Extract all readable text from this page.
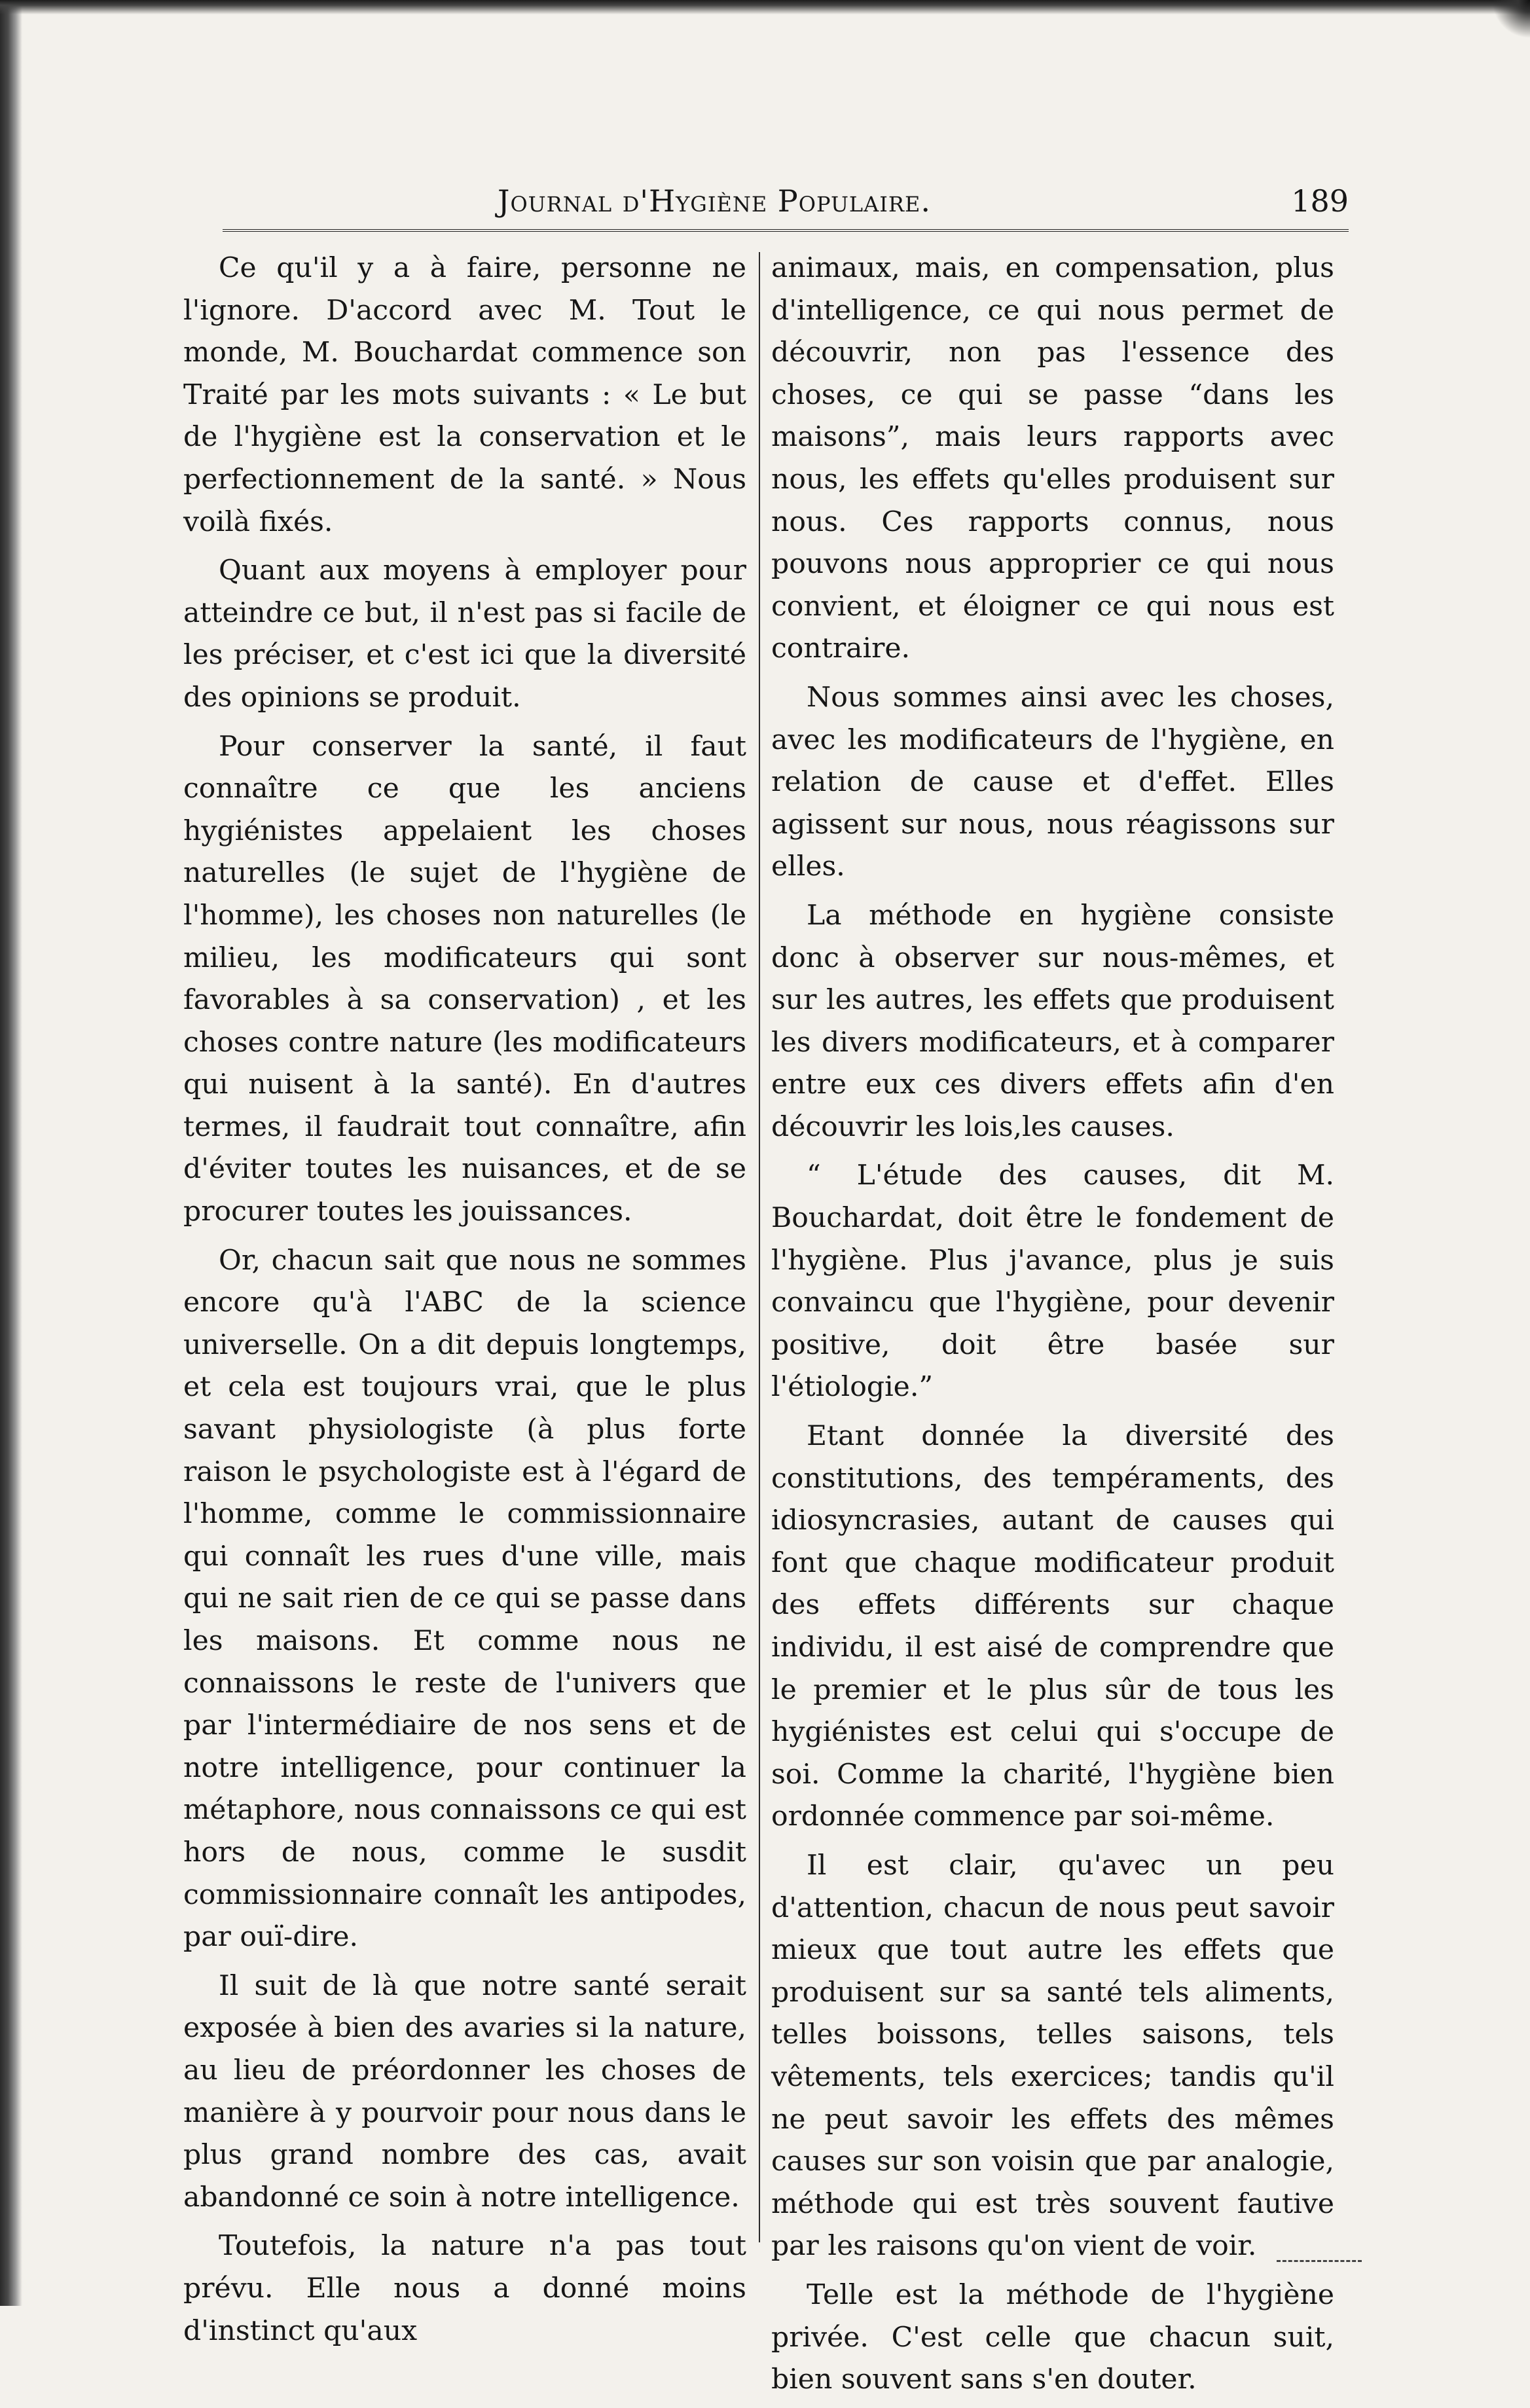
Journal d'Hygiène Populaire.	189

Ce qu'il y a à faire, personne ne l'ignore. D'accord avec M. Tout le monde, M. Bouchardat commence son Traité par les mots suivants : « Le but de l'hygiène est la conservation et le perfectionnement de la santé. » Nous voilà fixés.

Quant aux moyens à employer pour atteindre ce but, il n'est pas si facile de les préciser, et c'est ici que la diversité des opinions se produit.

Pour conserver la santé, il faut connaître ce que les anciens hygiénistes appelaient les choses naturelles (le sujet de l'hygiène de l'homme), les choses non naturelles (le milieu, les modificateurs qui sont favorables à sa conservation) , et les choses contre nature (les modificateurs qui nuisent à la santé). En d'autres termes, il faudrait tout connaître, afin d'éviter toutes les nuisances, et de se procurer toutes les jouissances.

Or, chacun sait que nous ne sommes encore qu'à l'ABC de la science universelle. On a dit depuis longtemps, et cela est toujours vrai, que le plus savant physiologiste (à plus forte raison le psychologiste est à l'égard de l'homme, comme le commissionnaire qui connaît les rues d'une ville, mais qui ne sait rien de ce qui se passe dans les maisons. Et comme nous ne connaissons le reste de l'univers que par l'intermédiaire de nos sens et de notre intelligence, pour continuer la métaphore, nous connaissons ce qui est hors de nous, comme le susdit commissionnaire connaît les antipodes, par ouï-dire.

Il suit de là que notre santé serait exposée à bien des avaries si la nature, au lieu de préordonner les choses de manière à y pourvoir pour nous dans le plus grand nombre des cas, avait abandonné ce soin à notre intelligence.

Toutefois, la nature n'a pas tout prévu. Elle nous a donné moins d'instinct qu'aux

animaux, mais, en compensation, plus d'intelligence, ce qui nous permet de découvrir, non pas l'essence des choses, ce qui se passe “dans les maisons”, mais leurs rapports avec nous, les effets qu'elles produisent sur nous. Ces rapports connus, nous pouvons nous approprier ce qui nous convient, et éloigner ce qui nous est contraire.

Nous sommes ainsi avec les choses, avec les modificateurs de l'hygiène, en relation de cause et d'effet. Elles agissent sur nous, nous réagissons sur elles.

La méthode en hygiène consiste donc à observer sur nous-mêmes, et sur les autres, les effets que produisent les divers modificateurs, et à comparer entre eux ces divers effets afin d'en découvrir les lois,les causes.

“ L'étude des causes, dit M. Bouchardat, doit être le fondement de l'hygiène. Plus j'avance, plus je suis convaincu que l'hygiène, pour devenir positive, doit être basée sur l'étiologie.”

Etant donnée la diversité des constitutions, des tempéraments, des idiosyncrasies, autant de causes qui font que chaque modificateur produit des effets différents sur chaque individu, il est aisé de comprendre que le premier et le plus sûr de tous les hygiénistes est celui qui s'occupe de soi. Comme la charité, l'hygiène bien ordonnée commence par soi-même.

Il est clair, qu'avec un peu d'attention, chacun de nous peut savoir mieux que tout autre les effets que produisent sur sa santé tels aliments, telles boissons, telles saisons, tels vêtements, tels exercices; tandis qu'il ne peut savoir les effets des mêmes causes sur son voisin que par analogie, méthode qui est très souvent fautive par les raisons qu'on vient de voir.

Telle est la méthode de l'hygiène privée. C'est celle que chacun suit, bien souvent sans s'en douter.
